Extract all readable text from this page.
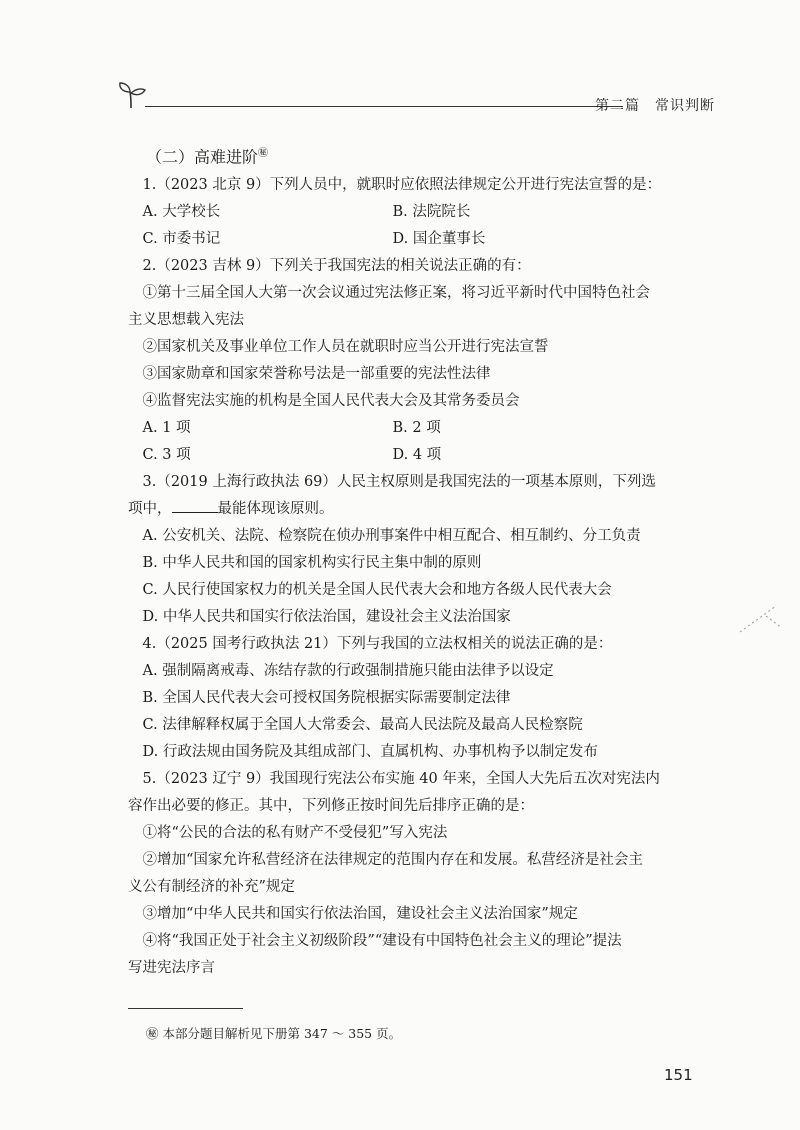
第二篇　常识判断
（二）高难进阶㊙
1.（2023 北京 9）下列人员中，就职时应依照法律规定公开进行宪法宣誓的是：
A. 大学校长	B. 法院院长
C. 市委书记	D. 国企董事长
2.（2023 吉林 9）下列关于我国宪法的相关说法正确的有：
①第十三届全国人大第一次会议通过宪法修正案，将习近平新时代中国特色社会
主义思想载入宪法
②国家机关及事业单位工作人员在就职时应当公开进行宪法宣誓
③国家勋章和国家荣誉称号法是一部重要的宪法性法律
④监督宪法实施的机构是全国人民代表大会及其常务委员会
A. 1 项	B. 2 项
C. 3 项	D. 4 项
3.（2019 上海行政执法 69）人民主权原则是我国宪法的一项基本原则，下列选
项中，	最能体现该原则。
A. 公安机关、法院、检察院在侦办刑事案件中相互配合、相互制约、分工负责
B. 中华人民共和国的国家机构实行民主集中制的原则
C. 人民行使国家权力的机关是全国人民代表大会和地方各级人民代表大会
D. 中华人民共和国实行依法治国，建设社会主义法治国家
4.（2025 国考行政执法 21）下列与我国的立法权相关的说法正确的是：
A. 强制隔离戒毒、冻结存款的行政强制措施只能由法律予以设定
B. 全国人民代表大会可授权国务院根据实际需要制定法律
C. 法律解释权属于全国人大常委会、最高人民法院及最高人民检察院
D. 行政法规由国务院及其组成部门、直属机构、办事机构予以制定发布
5.（2023 辽宁 9）我国现行宪法公布实施 40 年来，全国人大先后五次对宪法内
容作出必要的修正。其中，下列修正按时间先后排序正确的是：
①将“公民的合法的私有财产不受侵犯”写入宪法
②增加“国家允许私营经济在法律规定的范围内存在和发展。私营经济是社会主
义公有制经济的补充”规定
③增加“中华人民共和国实行依法治国，建设社会主义法治国家”规定
④将“我国正处于社会主义初级阶段”“建设有中国特色社会主义的理论”提法
写进宪法序言
㊙ 本部分题目解析见下册第 347 ～ 355 页。
151
